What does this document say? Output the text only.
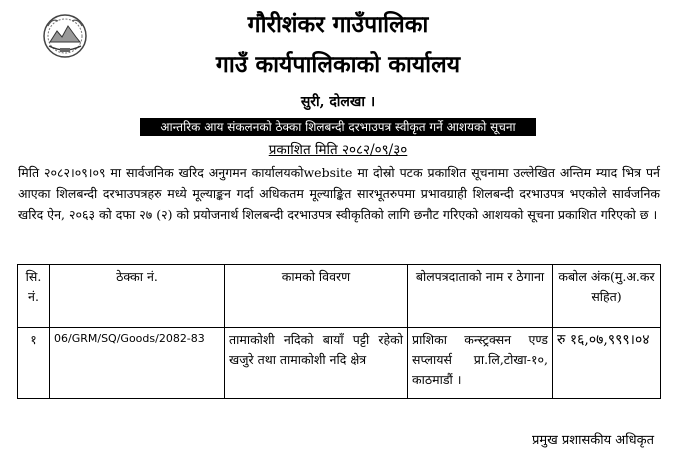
गौरीशंकर गाउँपालिका
गाउँ कार्यपालिकाको कार्यालय
सुरी, दोलखा ।
आन्तरिक आय संकलनको ठेक्का शिलबन्दी दरभाउपत्र स्वीकृत गर्ने आशयको सूचना
प्रकाशित मिति २०८२/०९/३०

मिति २०८२।०९।०९ मा सार्वजनिक खरिद अनुगमन कार्यालयकोwebsite मा दोस्रो पटक प्रकाशित सूचनामा उल्लेखित अन्तिम म्याद भित्र पर्न आएका शिलबन्दी दरभाउपत्रहरु मध्ये मूल्याङ्कन गर्दा अधिकतम मूल्याङ्कित सारभूतरुपमा प्रभावग्राही शिलबन्दी दरभाउपत्र भएकोले सार्वजनिक खरिद ऐन, २०६३ को दफा २७ (२) को प्रयोजनार्थ शिलबन्दी दरभाउपत्र स्वीकृतिको लागि छनौट गरिएको आशयको सूचना प्रकाशित गरिएको छ ।

सि. नं.	ठेक्का नं.	कामको विवरण	बोलपत्रदाताको नाम र ठेगाना	कबोल अंक(मु.अ.कर सहित)
१	06/GRM/SQ/Goods/2082-83	तामाकोशी नदिको बायाँ पट्टी रहेको खजुरे तथा तामाकोशी नदि क्षेत्र	प्राशिका कन्स्ट्रक्सन एण्ड सप्लायर्स प्रा.लि,टोखा-१०, काठमाडौं ।	रु १६,०७,९९९।०४
प्रमुख प्रशासकीय अधिकृत
